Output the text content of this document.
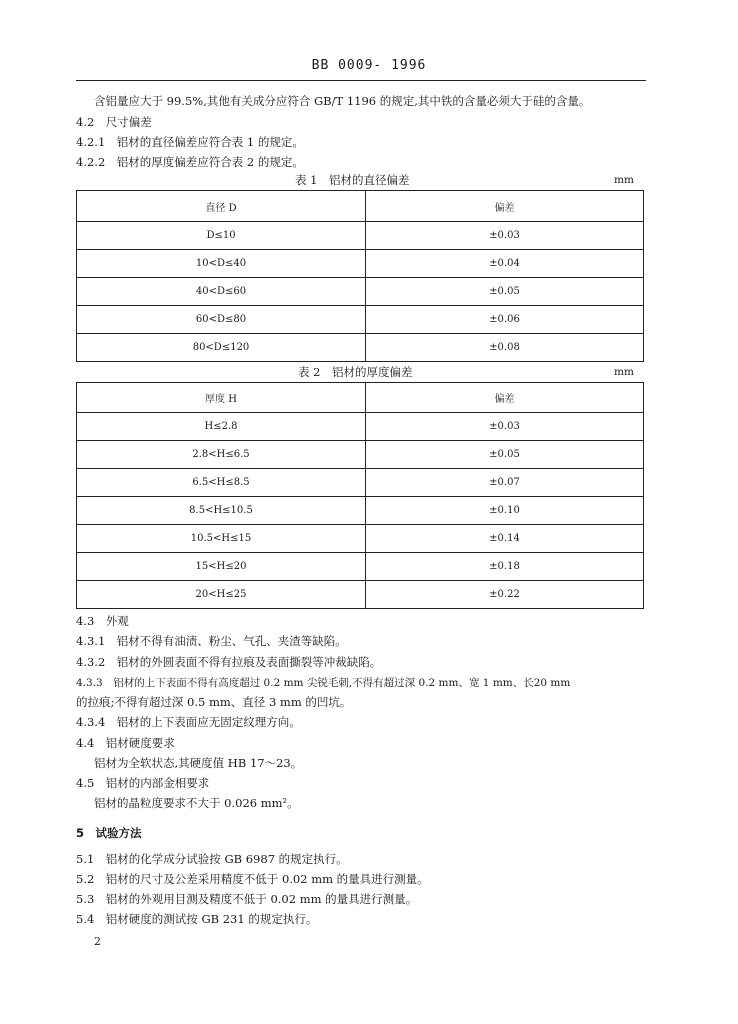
BB 0009- 1996
含铝量应大于 99.5%,其他有关成分应符合 GB/T 1196 的规定,其中铁的含量必须大于硅的含量。
4.2　 尺寸偏差
4.2.1　 铝材的直径偏差应符合表 1 的规定。
4.2.2　 铝材的厚度偏差应符合表 2 的规定。
表 1　铝材的直径偏差	mm
直径 D	偏差
D≤10	±0.03
10<D≤40	±0.04
40<D≤60	±0.05
60<D≤80	±0.06
80<D≤120	±0.08
表 2　铝材的厚度偏差	mm
厚度 H	偏差
H≤2.8	±0.03
2.8<H≤6.5	±0.05
6.5<H≤8.5	±0.07
8.5<H≤10.5	±0.10
10.5<H≤15	±0.14
15<H≤20	±0.18
20<H≤25	±0.22
4.3　 外观
4.3.1　 铝材不得有油渍、粉尘、气孔、夹渣等缺陷。
4.3.2　 铝材的外圆表面不得有拉痕及表面撕裂等冲裁缺陷。
4.3.3　 铝材的上下表面不得有高度超过 0.2 mm 尖锐毛刺,不得有超过深 0.2 mm、宽 1 mm、长20 mm
的拉痕;不得有超过深 0.5 mm、直径 3 mm 的凹坑。
4.3.4　 铝材的上下表面应无固定纹理方向。
4.4　 铝材硬度要求
铝材为全软状态,其硬度值 HB 17～23。
4.5　 铝材的内部金相要求
铝材的晶粒度要求不大于 0.026 mm²。
5　 试验方法
5.1　 铝材的化学成分试验按 GB 6987 的规定执行。
5.2　 铝材的尺寸及公差采用精度不低于 0.02 mm 的量具进行测量。
5.3　 铝材的外观用目测及精度不低于 0.02 mm 的量具进行测量。
5.4　 铝材硬度的测试按 GB 231 的规定执行。
2
